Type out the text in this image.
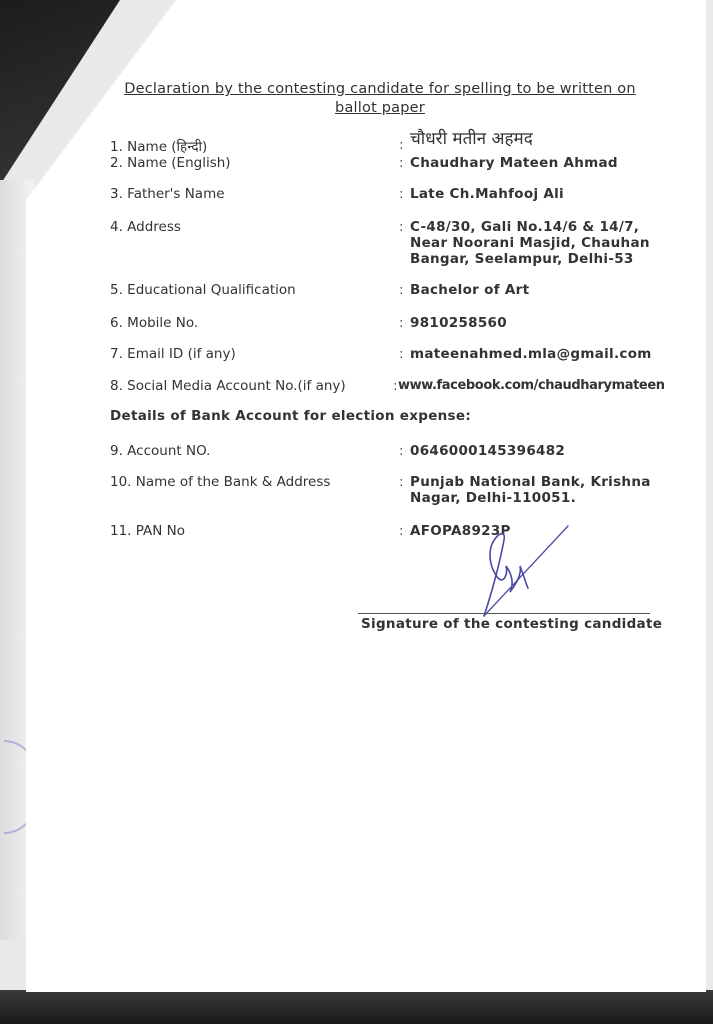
Declaration by the contesting candidate for spelling to be written on ballot paper
1. Name (हिन्दी)	: चौधरी मतीन अहमद
2. Name (English)	: Chaudhary Mateen Ahmad
3. Father's Name	: Late Ch.Mahfooj Ali
4. Address	: C-48/30, Gali No.14/6 & 14/7, Near Noorani Masjid, Chauhan Bangar, Seelampur, Delhi-53
5. Educational Qualification	: Bachelor of Art
6. Mobile No.	: 9810258560
7. Email ID (if any)	: mateenahmed.mla@gmail.com
8. Social Media Account No.(if any)	: www.facebook.com/chaudharymateen
Details of Bank Account for election expense:
9. Account NO.	: 0646000145396482
10. Name of the Bank & Address	: Punjab National Bank, Krishna Nagar, Delhi-110051.
11. PAN No	: AFOPA8923P
Signature of the contesting candidate
